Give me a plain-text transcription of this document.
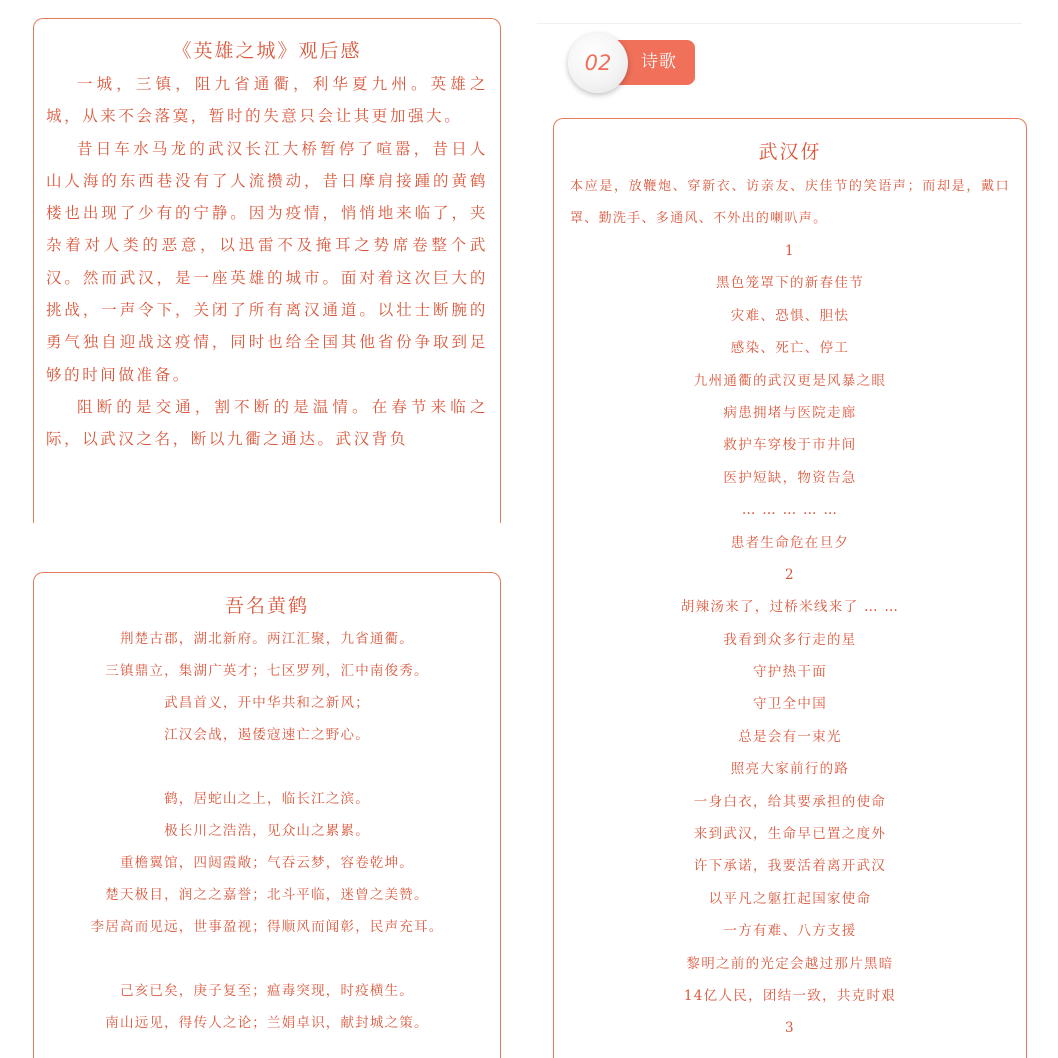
《英雄之城》观后感

一城，三镇，阻九省通衢，利华夏九州。英雄之城，从来不会落寞，暂时的失意只会让其更加强大。

昔日车水马龙的武汉长江大桥暂停了喧嚣，昔日人山人海的东西巷没有了人流攒动，昔日摩肩接踵的黄鹤楼也出现了少有的宁静。因为疫情，悄悄地来临了，夹杂着对人类的恶意，以迅雷不及掩耳之势席卷整个武汉。然而武汉，是一座英雄的城市。面对着这次巨大的挑战，一声令下，关闭了所有离汉通道。以壮士断腕的勇气独自迎战这疫情，同时也给全国其他省份争取到足够的时间做准备。

阻断的是交通，割不断的是温情。在春节来临之际，以武汉之名，断以九衢之通达。武汉背负

吾名黄鹤
荆楚古郡，湖北新府。两江汇聚，九省通衢。
三镇鼎立，集湖广英才；七区罗列，汇中南俊秀。
武昌首义，开中华共和之新风；
江汉会战，遏倭寇速亡之野心。
鹤，居蛇山之上，临长江之滨。
极长川之浩浩，见众山之累累。
重檐翼馆，四闼霞敞；气吞云梦，容卷乾坤。
楚天极目，润之之嘉誉；北斗平临，迷曾之美赞。
李居高而见远，世事盈视；得顺风而闻彰，民声充耳。
己亥已矣，庚子复至；瘟毒突现，时疫横生。
南山远见，得传人之论；兰娟卓识，献封城之策。
诗歌
02
武汉伢
本应是，放鞭炮、穿新衣、访亲友、庆佳节的笑语声；而却是，戴口罩、勤洗手、多通风、不外出的喇叭声。
1
黑色笼罩下的新春佳节
灾难、恐惧、胆怯
感染、死亡、停工
九州通衢的武汉更是风暴之眼
病患拥堵与医院走廊
救护车穿梭于市井间
医护短缺，物资告急
… … … … …
患者生命危在旦夕
2
胡辣汤来了，过桥米线来了 … …
我看到众多行走的星
守护热干面
守卫全中国
总是会有一束光
照亮大家前行的路
一身白衣，给其要承担的使命
来到武汉，生命早已置之度外
许下承诺，我要活着离开武汉
以平凡之躯扛起国家使命
一方有难、八方支援
黎明之前的光定会越过那片黑暗
14亿人民，团结一致，共克时艰
3
